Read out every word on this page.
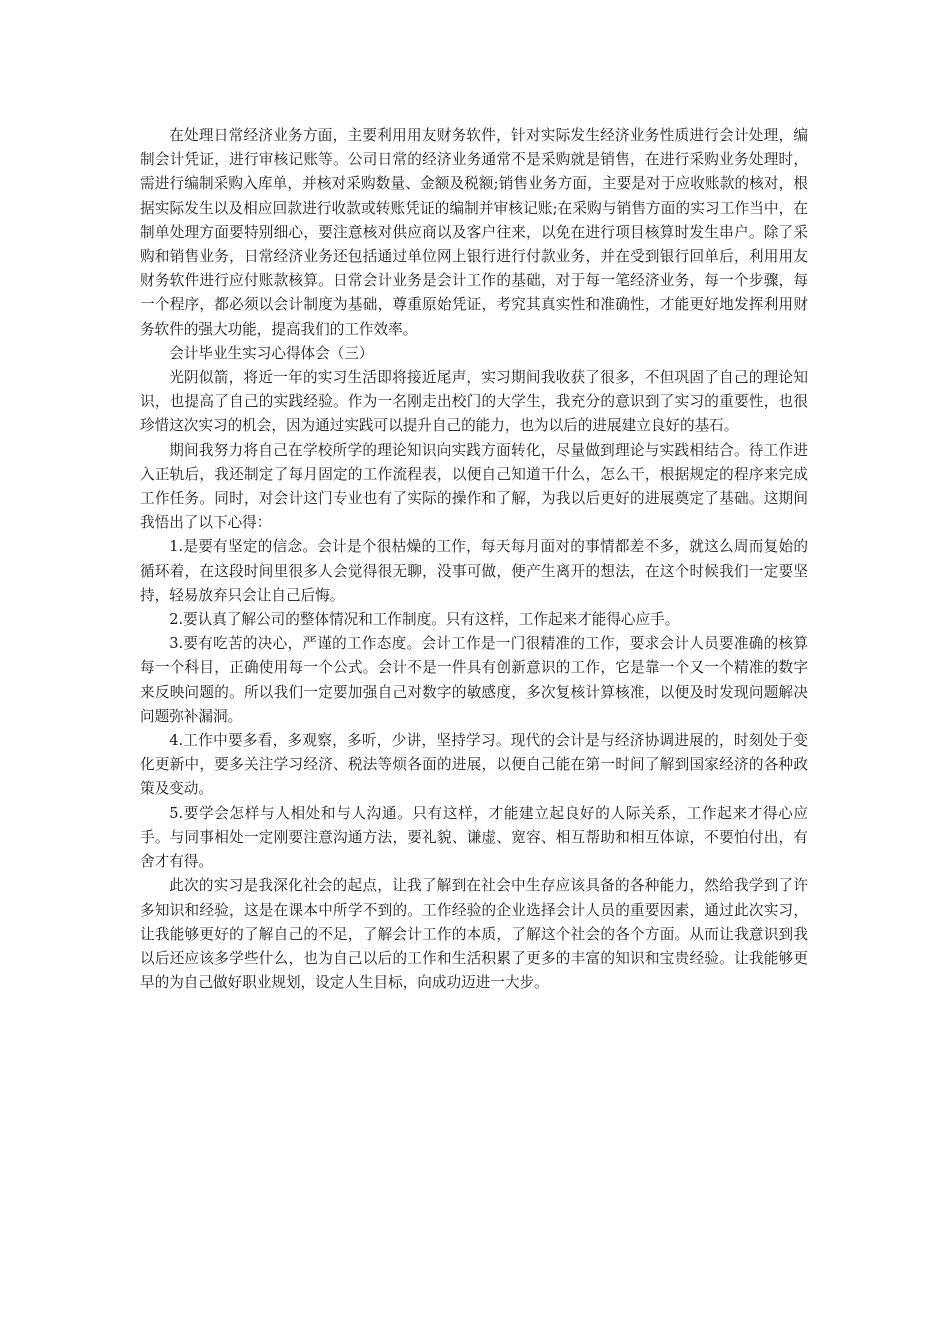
在处理日常经济业务方面，主要利用用友财务软件，针对实际发生经济业务性质进行会计处理，编制会计凭证，进行审核记账等。公司日常的经济业务通常不是采购就是销售，在进行采购业务处理时，需进行编制采购入库单，并核对采购数量、金额及税额;销售业务方面，主要是对于应收账款的核对，根据实际发生以及相应回款进行收款或转账凭证的编制并审核记账;在采购与销售方面的实习工作当中，在制单处理方面要特别细心，要注意核对供应商以及客户往来，以免在进行项目核算时发生串户。除了采购和销售业务，日常经济业务还包括通过单位网上银行进行付款业务，并在受到银行回单后，利用用友财务软件进行应付账款核算。日常会计业务是会计工作的基础，对于每一笔经济业务，每一个步骤，每一个程序，都必须以会计制度为基础，尊重原始凭证，考究其真实性和准确性，才能更好地发挥利用财务软件的强大功能，提高我们的工作效率。

会计毕业生实习心得体会（三）

光阴似箭，将近一年的实习生活即将接近尾声，实习期间我收获了很多，不但巩固了自己的理论知识，也提高了自己的实践经验。作为一名刚走出校门的大学生，我充分的意识到了实习的重要性，也很珍惜这次实习的机会，因为通过实践可以提升自己的能力，也为以后的进展建立良好的基石。

期间我努力将自己在学校所学的理论知识向实践方面转化，尽量做到理论与实践相结合。待工作进入正轨后，我还制定了每月固定的工作流程表，以便自己知道干什么，怎么干，根据规定的程序来完成工作任务。同时，对会计这门专业也有了实际的操作和了解，为我以后更好的进展奠定了基础。这期间我悟出了以下心得：

1.是要有坚定的信念。会计是个很枯燥的工作，每天每月面对的事情都差不多，就这么周而复始的循环着，在这段时间里很多人会觉得很无聊，没事可做，便产生离开的想法，在这个时候我们一定要坚持，轻易放弃只会让自己后悔。

2.要认真了解公司的整体情况和工作制度。只有这样，工作起来才能得心应手。

3.要有吃苦的决心，严谨的工作态度。会计工作是一门很精准的工作，要求会计人员要准确的核算每一个科目，正确使用每一个公式。会计不是一件具有创新意识的工作，它是靠一个又一个精准的数字来反映问题的。所以我们一定要加强自己对数字的敏感度，多次复核计算核准，以便及时发现问题解决问题弥补漏洞。

4.工作中要多看，多观察，多听，少讲，坚持学习。现代的会计是与经济协调进展的，时刻处于变化更新中，要多关注学习经济、税法等烦各面的进展，以便自己能在第一时间了解到国家经济的各种政策及变动。

5.要学会怎样与人相处和与人沟通。只有这样，才能建立起良好的人际关系，工作起来才得心应手。与同事相处一定刚要注意沟通方法，要礼貌、谦虚、宽容、相互帮助和相互体谅，不要怕付出，有舍才有得。

此次的实习是我深化社会的起点，让我了解到在社会中生存应该具备的各种能力，然给我学到了许多知识和经验，这是在课本中所学不到的。工作经验的企业选择会计人员的重要因素，通过此次实习，让我能够更好的了解自己的不足，了解会计工作的本质，了解这个社会的各个方面。从而让我意识到我以后还应该多学些什么，也为自己以后的工作和生活积累了更多的丰富的知识和宝贵经验。让我能够更早的为自己做好职业规划，设定人生目标，向成功迈进一大步。
